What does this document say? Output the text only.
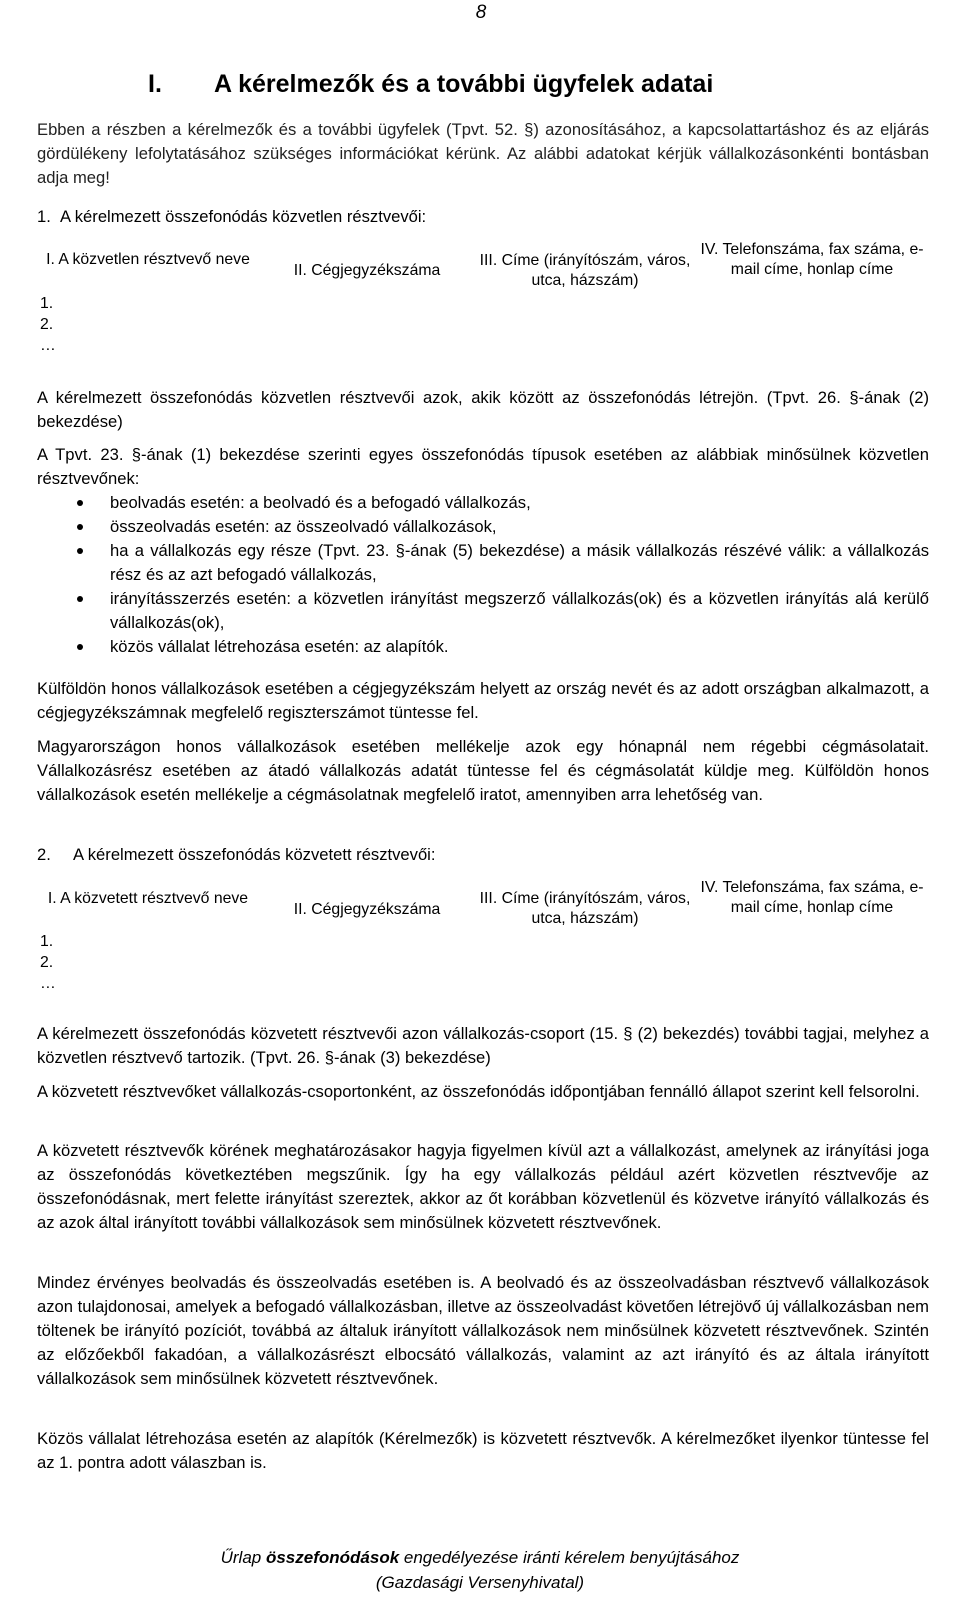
8
I. A kérelmezők és a további ügyfelek adatai
Ebben a részben a kérelmezők és a további ügyfelek (Tpvt. 52. §) azonosításához, a kapcsolattartáshoz és az eljárás gördülékeny lefolytatásához szükséges információkat kérünk. Az alábbi adatokat kérjük vállalkozásonkénti bontásban adja meg!
1. A kérelmezett összefonódás közvetlen résztvevői:
I. A közvetlen résztvevő neve	II. Cégjegyzékszáma	III. Címe (irányítószám, város, utca, házszám)	IV. Telefonszáma, fax száma, e-mail címe, honlap címe

1.
2.
…
A kérelmezett összefonódás közvetlen résztvevői azok, akik között az összefonódás létrejön. (Tpvt. 26. §-ának (2) bekezdése)
A Tpvt. 23. §-ának (1) bekezdése szerinti egyes összefonódás típusok esetében az alábbiak minősülnek közvetlen résztvevőnek:
beolvadás esetén: a beolvadó és a befogadó vállalkozás,
összeolvadás esetén: az összeolvadó vállalkozások,
ha a vállalkozás egy része (Tpvt. 23. §-ának (5) bekezdése) a másik vállalkozás részévé válik: a vállalkozás rész és az azt befogadó vállalkozás,
irányításszerzés esetén: a közvetlen irányítást megszerző vállalkozás(ok) és a közvetlen irányítás alá kerülő vállalkozás(ok),
közös vállalat létrehozása esetén: az alapítók.
Külföldön honos vállalkozások esetében a cégjegyzékszám helyett az ország nevét és az adott országban alkalmazott, a cégjegyzékszámnak megfelelő regiszterszámot tüntesse fel.
Magyarországon honos vállalkozások esetében mellékelje azok egy hónapnál nem régebbi cégmásolatait. Vállalkozásrész esetében az átadó vállalkozás adatát tüntesse fel és cégmásolatát küldje meg. Külföldön honos vállalkozások esetén mellékelje a cégmásolatnak megfelelő iratot, amennyiben arra lehetőség van.
2. A kérelmezett összefonódás közvetett résztvevői:
I. A közvetett résztvevő neve	II. Cégjegyzékszáma	III. Címe (irányítószám, város, utca, házszám)	IV. Telefonszáma, fax száma, e-mail címe, honlap címe

1.
2.
…
A kérelmezett összefonódás közvetett résztvevői azon vállalkozás-csoport (15. § (2) bekezdés) további tagjai, melyhez a közvetlen résztvevő tartozik. (Tpvt. 26. §-ának (3) bekezdése)
A közvetett résztvevőket vállalkozás-csoportonként, az összefonódás időpontjában fennálló állapot szerint kell felsorolni.
A közvetett résztvevők körének meghatározásakor hagyja figyelmen kívül azt a vállalkozást, amelynek az irányítási joga az összefonódás következtében megszűnik. Így ha egy vállalkozás például azért közvetlen résztvevője az összefonódásnak, mert felette irányítást szereztek, akkor az őt korábban közvetlenül és közvetve irányító vállalkozás és az azok által irányított további vállalkozások sem minősülnek közvetett résztvevőnek.
Mindez érvényes beolvadás és összeolvadás esetében is. A beolvadó és az összeolvadásban résztvevő vállalkozások azon tulajdonosai, amelyek a befogadó vállalkozásban, illetve az összeolvadást követően létrejövő új vállalkozásban nem töltenek be irányító pozíciót, továbbá az általuk irányított vállalkozások nem minősülnek közvetett résztvevőnek. Szintén az előzőekből fakadóan, a vállalkozásrészt elbocsátó vállalkozás, valamint az azt irányító és az általa irányított vállalkozások sem minősülnek közvetett résztvevőnek.
Közös vállalat létrehozása esetén az alapítók (Kérelmezők) is közvetett résztvevők. A kérelmezőket ilyenkor tüntesse fel az 1. pontra adott válaszban is.
Űrlap összefonódások engedélyezése iránti kérelem benyújtásához
(Gazdasági Versenyhivatal)
